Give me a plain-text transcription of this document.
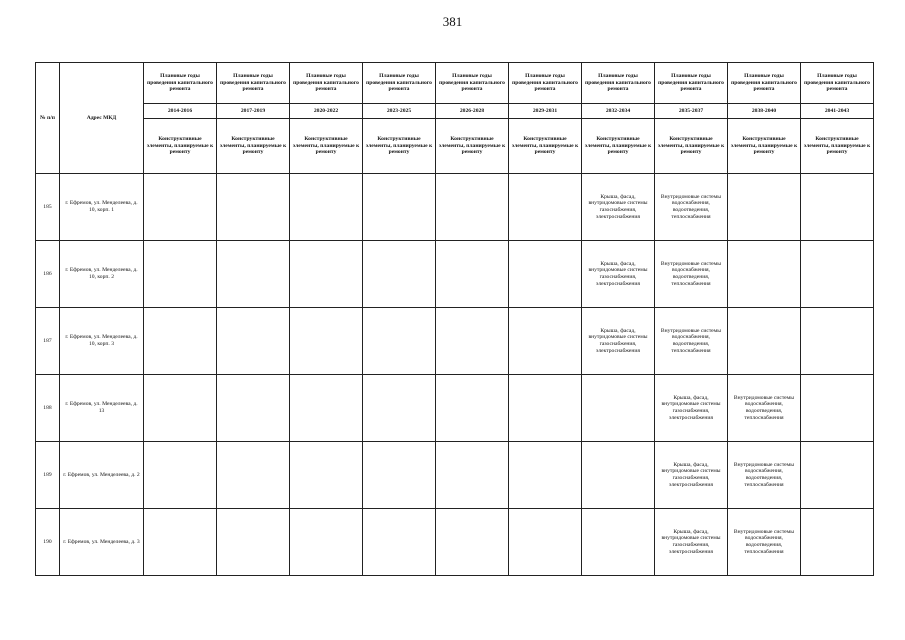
381
№ п/п	Адрес МКД	Плановые годы проведения капитального ремонта	Плановые годы проведения капитального ремонта	Плановые годы проведения капитального ремонта	Плановые годы проведения капитального ремонта	Плановые годы проведения капитального ремонта	Плановые годы проведения капитального ремонта	Плановые годы проведения капитального ремонта	Плановые годы проведения капитального ремонта	Плановые годы проведения капитального ремонта	Плановые годы проведения капитального ремонта
		2014-2016	2017-2019	2020-2022	2023-2025	2026-2028	2029-2031	2032-2034	2035-2037	2038-2040	2041-2043
		Конструктивные элементы, планируемые к ремонту	Конструктивные элементы, планируемые к ремонту	Конструктивные элементы, планируемые к ремонту	Конструктивные элементы, планируемые к ремонту	Конструктивные элементы, планируемые к ремонту	Конструктивные элементы, планируемые к ремонту	Конструктивные элементы, планируемые к ремонту	Конструктивные элементы, планируемые к ремонту	Конструктивные элементы, планируемые к ремонту	Конструктивные элементы, планируемые к ремонту
185	г. Ефремов, ул. Менделеева, д. 10, корп. 1							Крыша, фасад, внутридомовые системы газоснабжения, электроснабжения	Внутридомовые системы водоснабжения, водоотведения, теплоснабжения		
186	г. Ефремов, ул. Менделеева, д. 10, корп. 2							Крыша, фасад, внутридомовые системы газоснабжения, электроснабжения	Внутридомовые системы водоснабжения, водоотведения, теплоснабжения		
187	г. Ефремов, ул. Менделеева, д. 10, корп. 3							Крыша, фасад, внутридомовые системы газоснабжения, электроснабжения	Внутридомовые системы водоснабжения, водоотведения, теплоснабжения		
188	г. Ефремов, ул. Менделеева, д. 13								Крыша, фасад, внутридомовые системы газоснабжения, электроснабжения	Внутридомовые системы водоснабжения, водоотведения, теплоснабжения	
189	г. Ефремов, ул. Менделеева, д. 2								Крыша, фасад, внутридомовые системы газоснабжения, электроснабжения	Внутридомовые системы водоснабжения, водоотведения, теплоснабжения	
190	г. Ефремов, ул. Менделеева, д. 3								Крыша, фасад, внутридомовые системы газоснабжения, электроснабжения	Внутридомовые системы водоснабжения, водоотведения, теплоснабжения	
